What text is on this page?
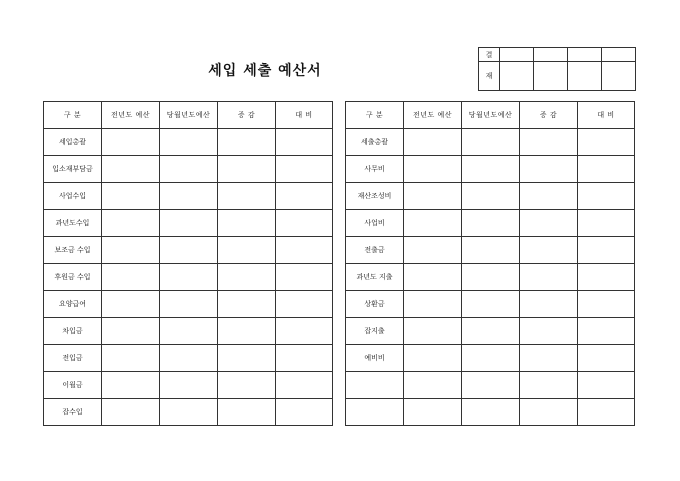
세입 세출 예산서
결				
재				
구 분	전년도 예산	당월년도예산	증 감	대 비
세입총괄				
입소재부담금				
사업수입				
과년도수입				
보조금 수입				
후원금 수입				
요양급여				
차입금				
전입금				
이월금				
잡수입				
구 분	전년도 예산	당월년도예산	증 감	대 비
세출총괄				
사무비				
재산조성비				
사업비				
전출금				
과년도 지출				
상환금				
잡지출				
예비비				
